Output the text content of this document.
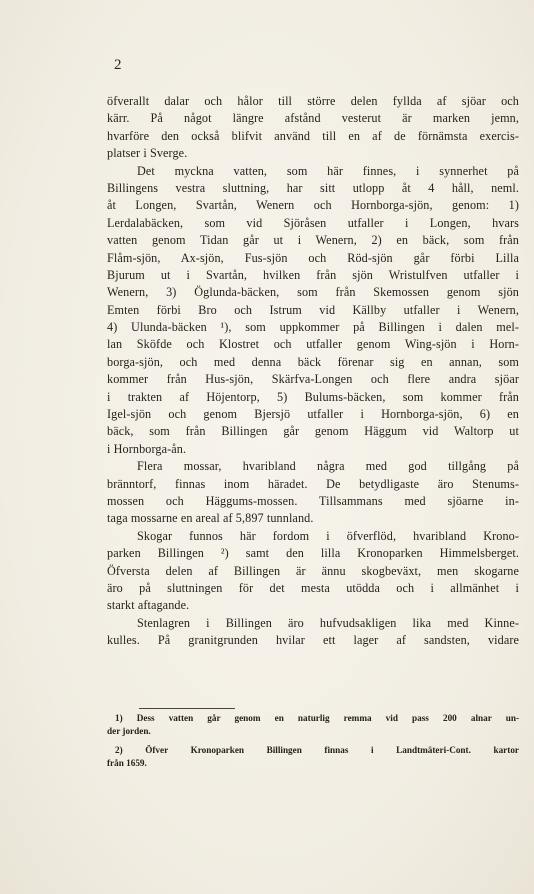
2
öfverallt dalar och hålor till större delen fyllda af sjöar och
kärr. På något längre afstånd vesterut är marken jemn,
hvarföre den också blifvit använd till en af de förnämsta exercis-
platser i Sverge.
Det myckna vatten, som här finnes, i synnerhet på
Billingens vestra sluttning, har sitt utlopp åt 4 håll, neml.
åt Longen, Svartån, Wenern och Hornborga-sjön, genom: 1)
Lerdalabäcken, som vid Sjöråsen utfaller i Longen, hvars
vatten genom Tidan går ut i Wenern, 2) en bäck, som från
Flåm-sjön, Ax-sjön, Fus-sjön och Röd-sjön går förbi Lilla
Bjurum ut i Svartån, hvilken från sjön Wristulfven utfaller i
Wenern, 3) Öglunda-bäcken, som från Skemossen genom sjön
Emten förbi Bro och Istrum vid Källby utfaller i Wenern,
4) Ulunda-bäcken ¹), som uppkommer på Billingen i dalen mel-
lan Sköfde och Klostret och utfaller genom Wing-sjön i Horn-
borga-sjön, och med denna bäck förenar sig en annan, som
kommer från Hus-sjön, Skärfva-Longen och flere andra sjöar
i trakten af Höjentorp, 5) Bulums-bäcken, som kommer från
Igel-sjön och genom Bjersjö utfaller i Hornborga-sjön, 6) en
bäck, som från Billingen går genom Häggum vid Waltorp ut
i Hornborga-ån.
Flera mossar, hvaribland några med god tillgång på
bränntorf, finnas inom häradet. De betydligaste äro Stenums-
mossen och Häggums-mossen. Tillsammans med sjöarne in-
taga mossarne en areal af 5,897 tunnland.
Skogar funnos här fordom i öfverflöd, hvaribland Krono-
parken Billingen ²) samt den lilla Kronoparken Himmelsberget.
Öfversta delen af Billingen är ännu skogbeväxt, men skogarne
äro på sluttningen för det mesta utödda och i allmänhet i
starkt aftagande.
Stenlagren i Billingen äro hufvudsakligen lika med Kinne-
kulles. På granitgrunden hvilar ett lager af sandsten, vidare
1) Dess vatten går genom en naturlig remma vid pass 200 alnar un-
der jorden.
2) Öfver Kronoparken Billingen finnas i Landtmäteri-Cont. kartor
från 1659.
